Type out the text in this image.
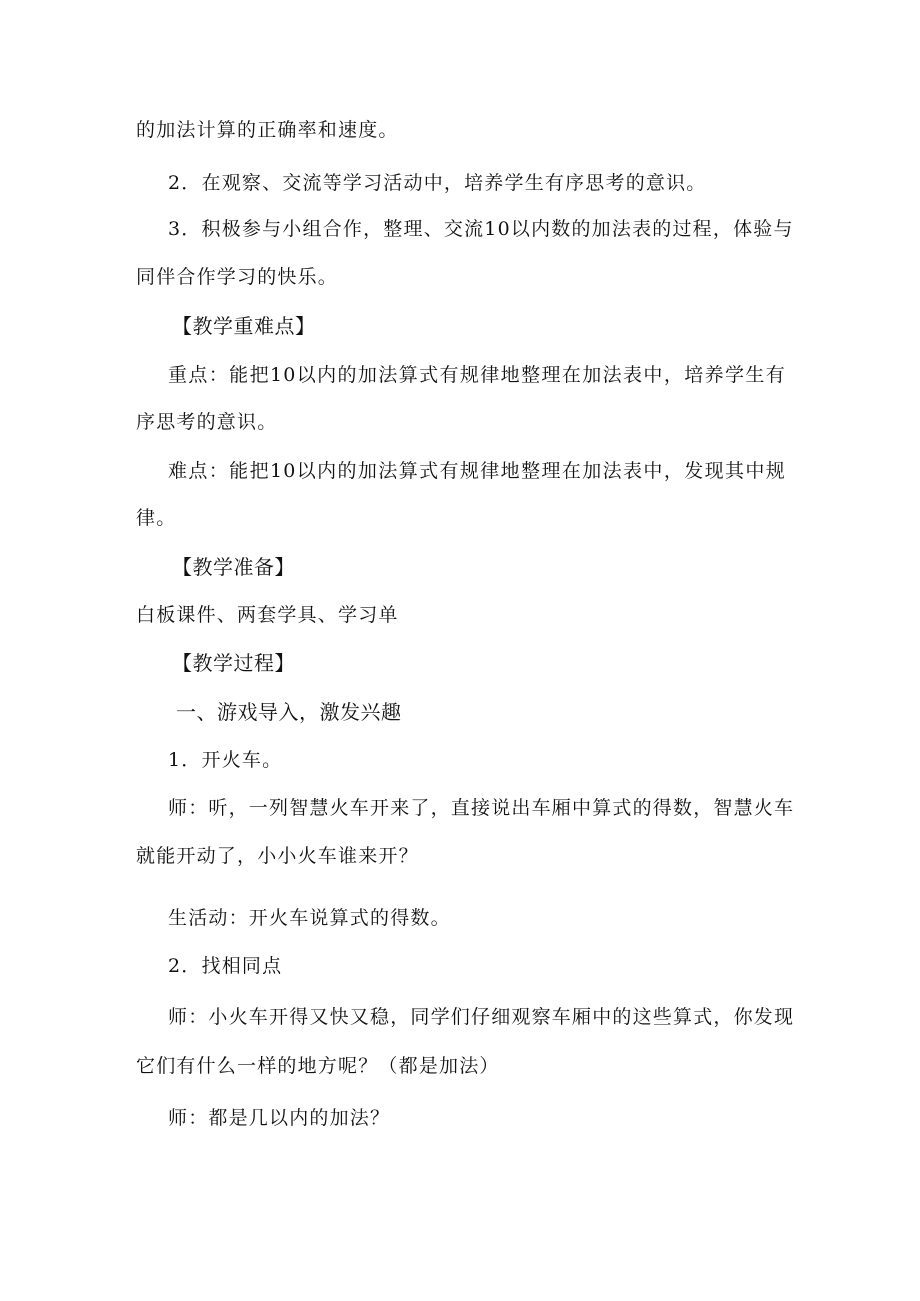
的加法计算的正确率和速度。
2．在观察、交流等学习活动中，培养学生有序思考的意识。
3．积极参与小组合作，整理、交流10以内数的加法表的过程，体验与
同伴合作学习的快乐。
【教学重难点】
重点：能把10以内的加法算式有规律地整理在加法表中，培养学生有
序思考的意识。
难点：能把10以内的加法算式有规律地整理在加法表中，发现其中规
律。
【教学准备】
白板课件、两套学具、学习单
【教学过程】
一、游戏导入，激发兴趣
1．开火车。
师：听，一列智慧火车开来了，直接说出车厢中算式的得数，智慧火车
就能开动了，小小火车谁来开？
生活动：开火车说算式的得数。
2．找相同点
师：小火车开得又快又稳，同学们仔细观察车厢中的这些算式，你发现
它们有什么一样的地方呢？（都是加法）
师：都是几以内的加法？
